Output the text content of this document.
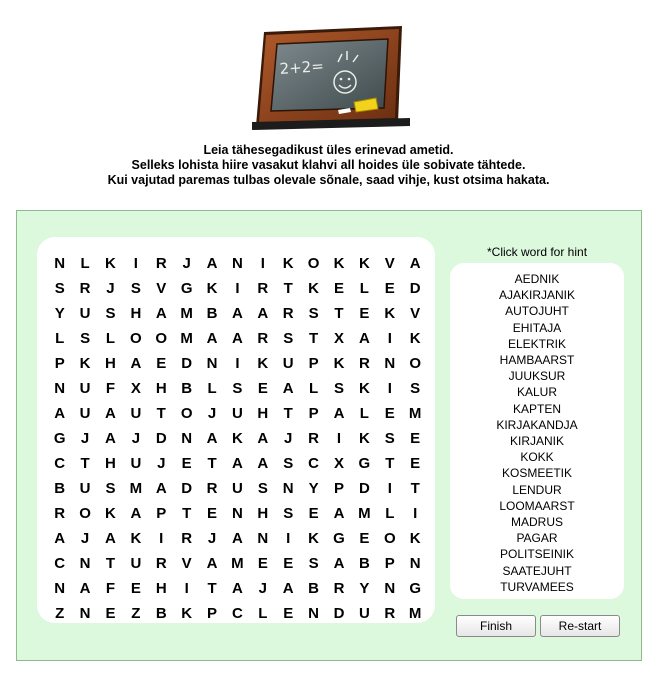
2+2=
Leia tähesegadikust üles erinevad ametid.
Selleks lohista hiire vasakut klahvi all hoides üle sobivate tähtede.
Kui vajutad paremas tulbas olevale sõnale, saad vihje, kust otsima hakata.
N	L	K	I	R	J	A N	I	K O K K V A
S R	J	S	V G K	I	R	T	K E	L	E D
Y U S H A M B A A R S	T	E K V
L	S	L O O M A A R S	T	X A	I	K
P K H A E D N	I	K U P K R N O
N U	F	X H B	L	S	E A	L	S K	I	S
A U A U	T O	J	U H	T	P A	L	E M
G	J	A	J	D N A K A	J	R	I	K S	E
C	T	H U	J	E	T	A A S C X G T	E
B U S M A D R U S N Y	P D	I	T
R O K A P	T	E N H S	E A M L	I
A	J	A K	I	R	J	A N	I	K G E O K
C N	T	U R V A M E	E	S A B P N
N A	F	E H	I	T	A	J	A B R Y N G
Z	N E	Z	B K P C	L	E N D U R M
*Click word for hint
AEDNIK
AJAKIRJANIK
AUTOJUHT
EHITAJA
ELEKTRIK
HAMBAARST
JUUKSUR
KALUR
KAPTEN
KIRJAKANDJA
KIRJANIK
KOKK
KOSMEETIK
LENDUR
LOOMAARST
MADRUS
PAGAR
POLITSEINIK
SAATEJUHT
TURVAMEES
Finish	Re-start
